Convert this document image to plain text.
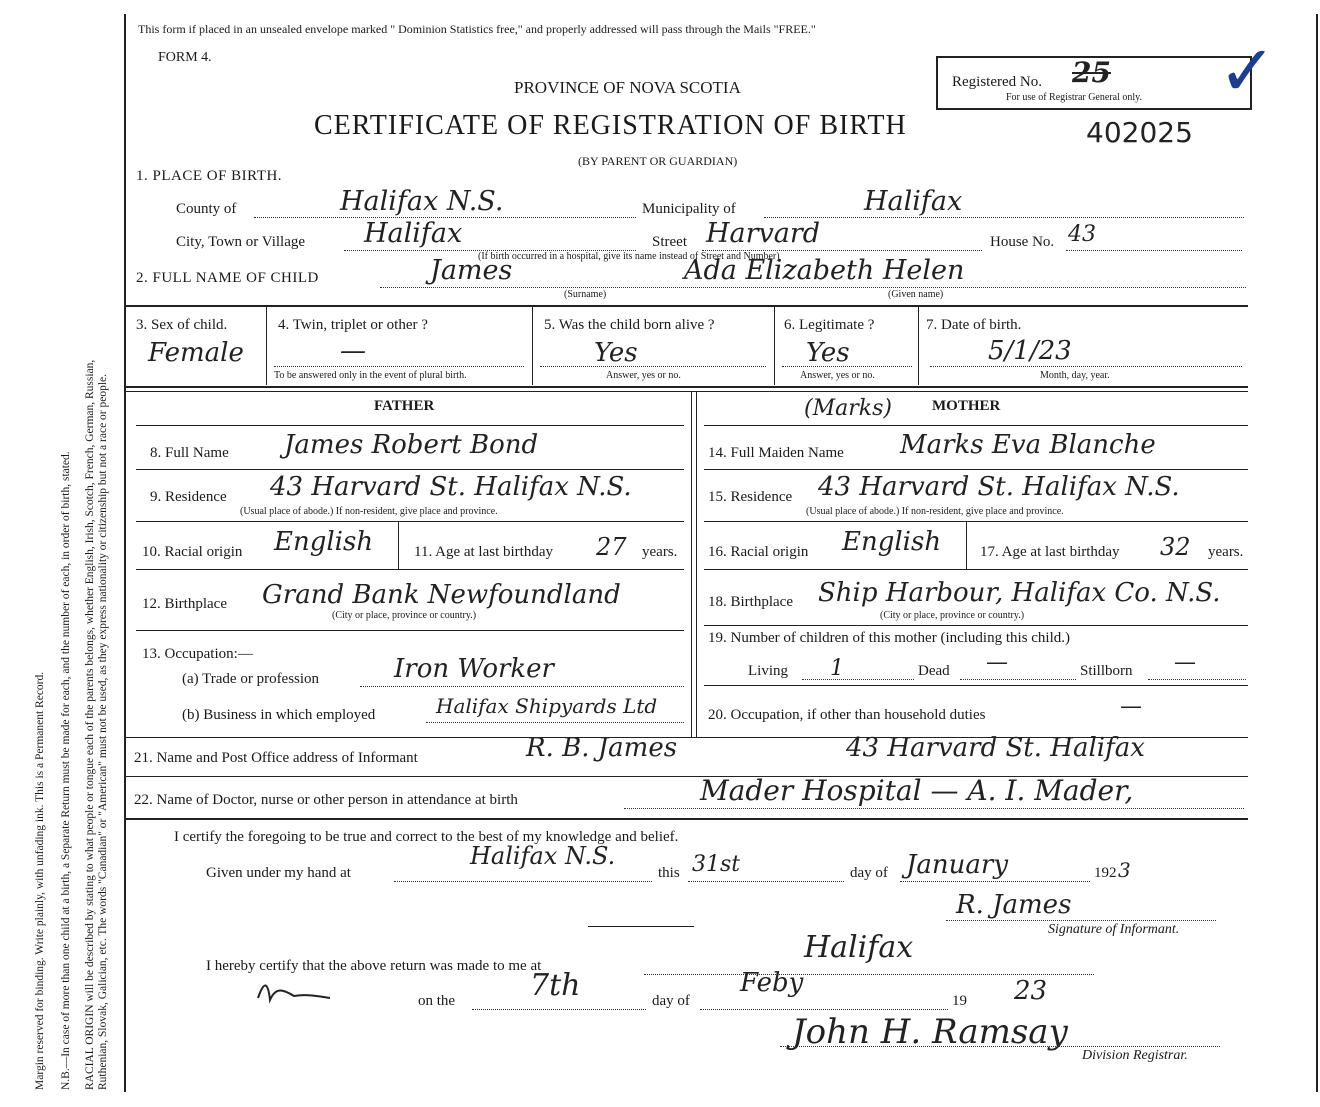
Margin reserved for binding. Write plainly, with unfading ink. This is a Permanent Record. N.B.—In case of more than one child at a birth, a Separate Return must be made for each, and the number of each, in order of birth, stated. RACIAL ORIGIN will be described by stating to what people or tongue each of the parents belongs, whether English, Irish, Scotch, French, German, Russian, Ruthenian, Slovak, Galician, etc. The words "Canadian" or "American" must not be used, as they express nationality or citizenship but not a race or people.
This form if placed in an unsealed envelope marked " Dominion Statistics free," and properly addressed will pass through the Mails "FREE."
FORM 4.
PROVINCE OF NOVA SCOTIA
CERTIFICATE OF REGISTRATION OF BIRTH
(BY PARENT OR GUARDIAN)
Registered No. 25
For use of Registrar General only.
402025
✓
1. PLACE OF BIRTH.
County of	Halifax N.S.	Municipality of	Halifax
City, Town or Village Halifax
(If birth occurred in a hospital, give its name instead of Street and Number)
Street Harvard	House No. 43
2. FULL NAME OF CHILD	James	Ada Elizabeth Helen
(Surname)	(Given name)
3. Sex of child.
Female
4. Twin, triplet or other ?
—
To be answered only in the event of plural birth.
5. Was the child born alive ?
Yes
Answer, yes or no.
6. Legitimate ?
Yes
Answer, yes or no.
7. Date of birth.
5/1/23
Month, day, year.
FATHER
8. Full Name James Robert Bond
9. Residence 43 Harvard St. Halifax N.S.
(Usual place of abode.) If non-resident, give place and province.
10. Racial origin English	11. Age at last birthday 27 years.
12. Birthplace Grand Bank Newfoundland
(City or place, province or country.)
13. Occupation:—
(a) Trade or profession	Iron Worker
(b) Business in which employed	Halifax Shipyards Ltd
(Marks)	MOTHER
14. Full Maiden Name Marks Eva Blanche
15. Residence 43 Harvard St. Halifax N.S.
(Usual place of abode.) If non-resident, give place and province.
16. Racial origin English	17. Age at last birthday 32 years.
18. Birthplace Ship Harbour, Halifax Co. N.S.
(City or place, province or country.)
19. Number of children of this mother (including this child.)
Living 1	Dead —	Stillborn —
20. Occupation, if other than household duties	—
21. Name and Post Office address of Informant	R. B. James	43 Harvard St. Halifax
22. Name of Doctor, nurse or other person in attendance at birth	Mader Hospital — A. I. Mader,
I certify the foregoing to be true and correct to the best of my knowledge and belief.
Given under my hand at
Halifax N.S.
this 31st	day of January	192 3
R. James
Signature of Informant.
I hereby certify that the above return was made to me at
Halifax
on the 7th	day of
Feby
19 23
John H. Ramsay
Division Registrar.
